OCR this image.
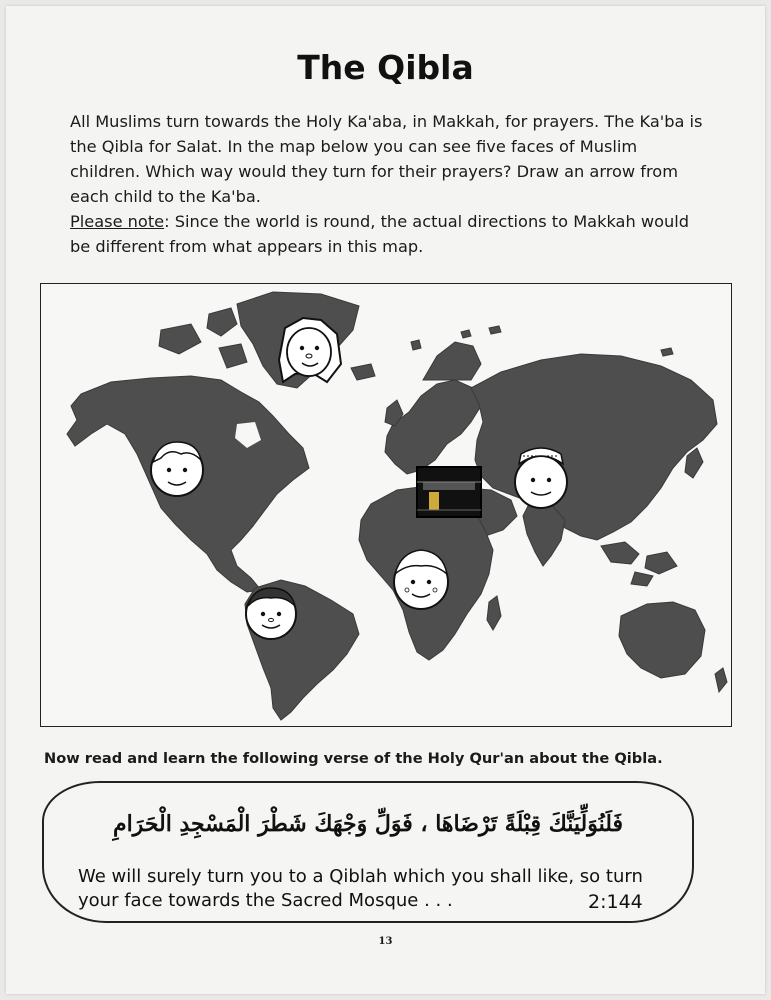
The Qibla

All Muslims turn towards the Holy Ka'aba, in Makkah, for prayers. The Ka'ba is the Qibla for Salat. In the map below you can see five faces of Muslim children. Which way would they turn for their prayers? Draw an arrow from each child to the Ka'ba.

Please note: Since the world is round, the actual directions to Makkah would be different from what appears in this map.

Now read and learn the following verse of the Holy Qur'an about the Qibla.
فَلَنُوَلِّيَنَّكَ قِبْلَةً تَرْضَاهَا ، فَوَلِّ وَجْهَكَ شَطْرَ الْمَسْجِدِ الْحَرَامِ
We will surely turn you to a Qiblah which you shall like, so turn your face towards the Sacred Mosque . . .	2:144
13
